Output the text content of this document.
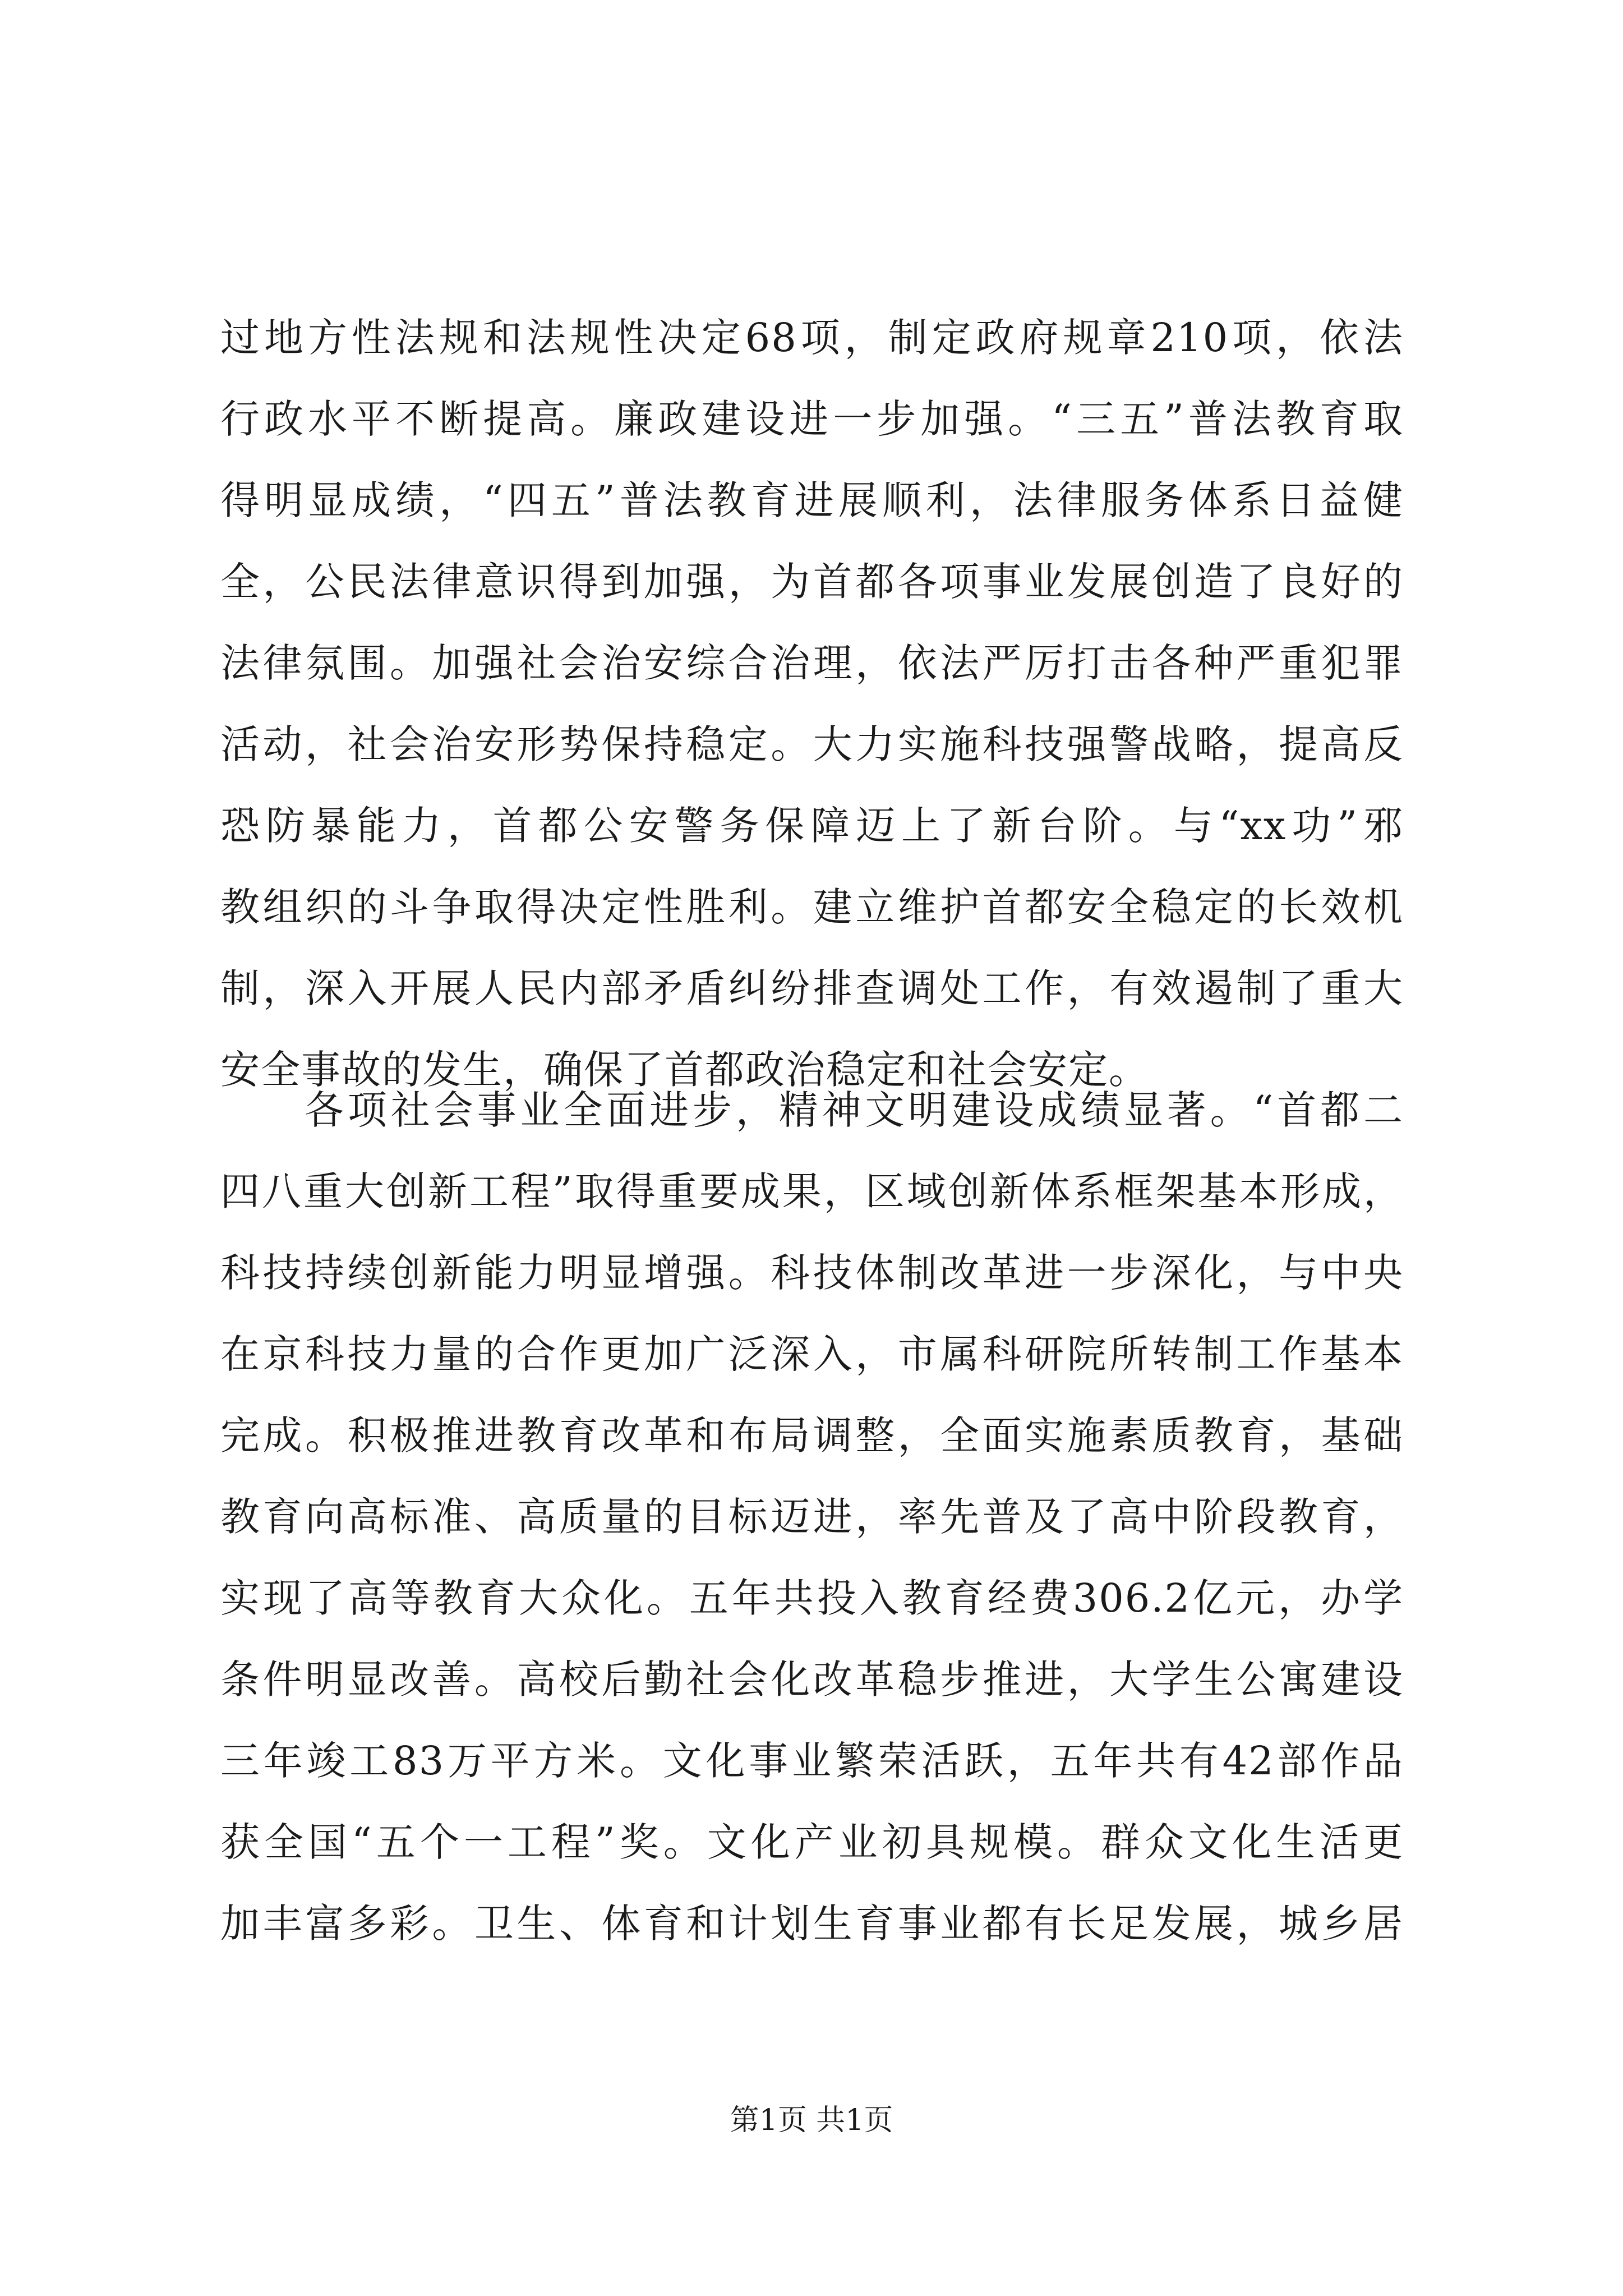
过地方性法规和法规性决定68项，制定政府规章210项，依法
行政水平不断提高。廉政建设进一步加强。“三五”普法教育取
得明显成绩，“四五”普法教育进展顺利，法律服务体系日益健
全，公民法律意识得到加强，为首都各项事业发展创造了良好的
法律氛围。加强社会治安综合治理，依法严厉打击各种严重犯罪
活动，社会治安形势保持稳定。大力实施科技强警战略，提高反
恐防暴能力，首都公安警务保障迈上了新台阶。与“xx功”邪
教组织的斗争取得决定性胜利。建立维护首都安全稳定的长效机
制，深入开展人民内部矛盾纠纷排查调处工作，有效遏制了重大
安全事故的发生，确保了首都政治稳定和社会安定。
各项社会事业全面进步，精神文明建设成绩显著。“首都二
四八重大创新工程”取得重要成果，区域创新体系框架基本形成，
科技持续创新能力明显增强。科技体制改革进一步深化，与中央
在京科技力量的合作更加广泛深入，市属科研院所转制工作基本
完成。积极推进教育改革和布局调整，全面实施素质教育，基础
教育向高标准、高质量的目标迈进，率先普及了高中阶段教育，
实现了高等教育大众化。五年共投入教育经费306.2亿元，办学
条件明显改善。高校后勤社会化改革稳步推进，大学生公寓建设
三年竣工83万平方米。文化事业繁荣活跃，五年共有42部作品
获全国“五个一工程”奖。文化产业初具规模。群众文化生活更
加丰富多彩。卫生、体育和计划生育事业都有长足发展，城乡居
第1页 共1页
